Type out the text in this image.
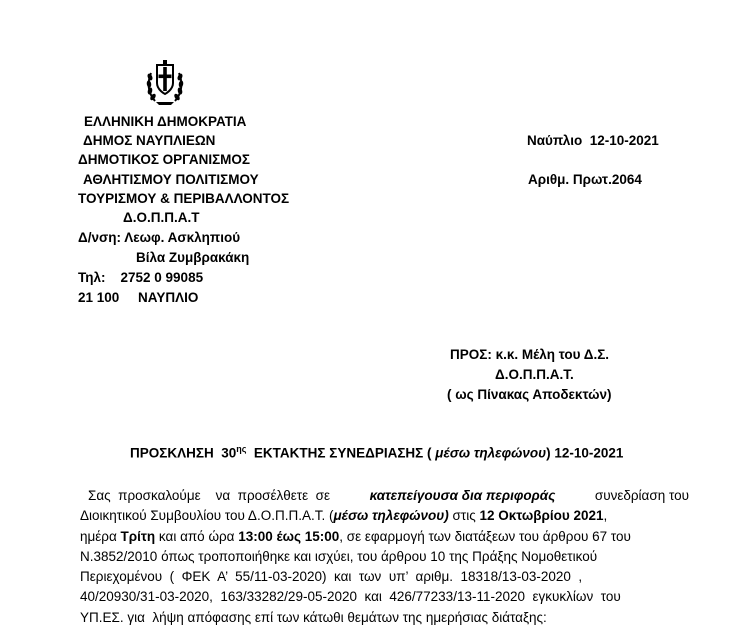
ΕΛΛΗΝΙΚΗ ΔΗΜΟΚΡΑΤΙΑ
ΔΗΜΟΣ ΝΑΥΠΛΙΕΩΝ
ΔΗΜΟΤΙΚΟΣ ΟΡΓΑΝΙΣΜΟΣ
ΑΘΛΗΤΙΣΜΟΥ ΠΟΛΙΤΙΣΜΟΥ
ΤΟΥΡΙΣΜΟΥ & ΠΕΡΙΒΑΛΛΟΝΤΟΣ
Δ.Ο.Π.Π.Α.Τ
Δ/νση: Λεωφ. Ασκληπιού
Βίλα Ζυμβρακάκη
Τηλ:    2752 0 99085
21 100     ΝΑΥΠΛΙΟ
Ναύπλιο  12-10-2021
Αριθμ. Πρωτ.2064
ΠΡΟΣ: κ.κ. Μέλη του Δ.Σ.
Δ.Ο.Π.Π.Α.Τ.
( ως Πίνακας Αποδεκτών)
ΠΡΟΣΚΛΗΣΗ  $30^{\eta\varsigma}$  ΕΚΤΑΚΤΗΣ ΣΥΝΕΔΡΙΑΣΗΣ ( μέσω τηλεφώνου) 12-10-2021
Σας  προσκαλούμε    να  προσέλθετε  σε	κατεπείγουσα δια περιφοράς	συνεδρίαση του
Διοικητικού Συμβουλίου του Δ.Ο.Π.Π.Α.Τ. (μέσω τηλεφώνου) στις 12 Οκτωβρίου 2021,
ημέρα Τρίτη και από ώρα 13:00 έως 15:00, σε εφαρμογή των διατάξεων του άρθρου 67 του
Ν.3852/2010 όπως τροποποιήθηκε και ισχύει, του άρθρου 10 της Πράξης Νομοθετικού
Περιεχομένου  (  ΦΕΚ  Α’  55/11-03-2020)  και  των  υπ’  αριθμ.  18318/13-03-2020  ,
40/20930/31-03-2020,  163/33282/29-05-2020  και  426/77233/13-11-2020  εγκυκλίων  του
ΥΠ.ΕΣ. για  λήψη απόφασης επί των κάτωθι θεμάτων της ημερήσιας διάταξης:
